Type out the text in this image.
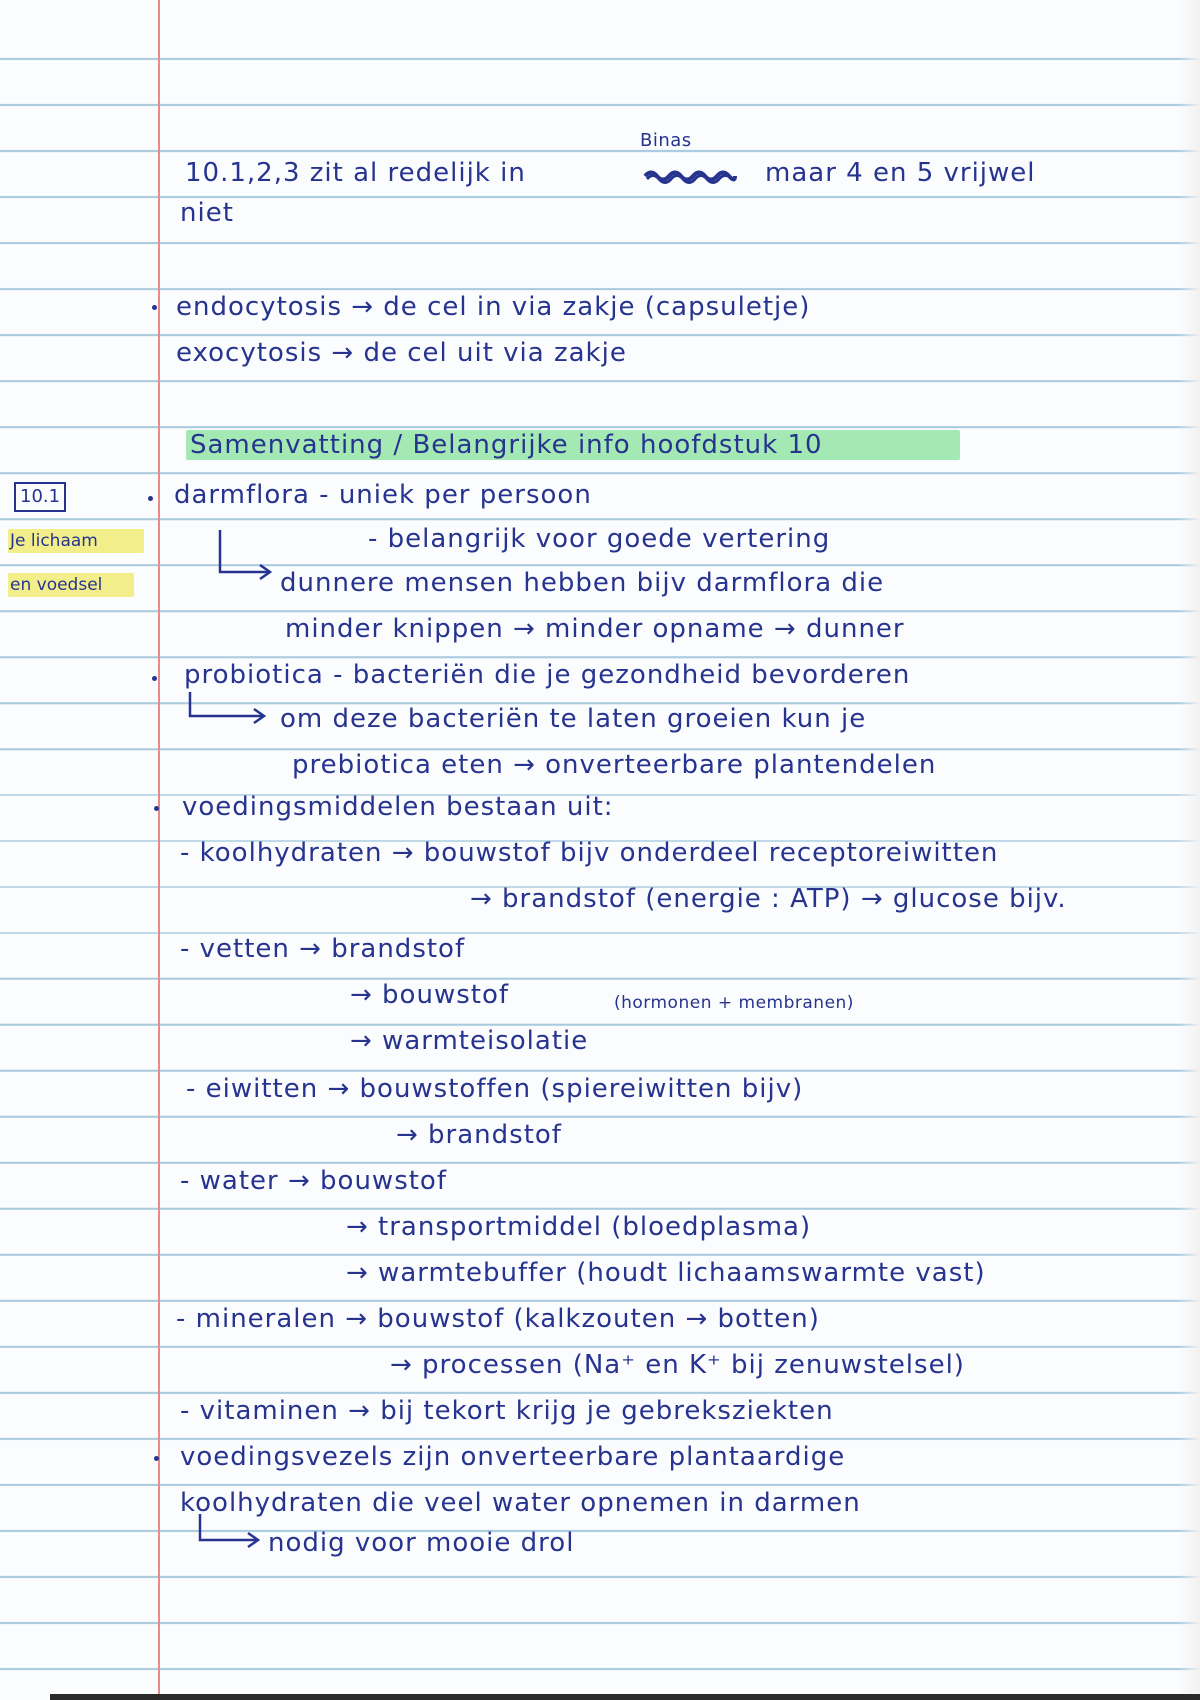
Binas
10.1,2,3 zit al redelijk in	maar 4 en 5 vrijwel
niet
endocytosis → de cel in via zakje (capsuletje)
exocytosis → de cel uit via zakje
Samenvatting / Belangrijke info hoofdstuk 10
10.1
Je lichaam
en voedsel
darmflora - uniek per persoon
- belangrijk voor goede vertering
dunnere mensen hebben bijv darmflora die
minder knippen → minder opname → dunner
probiotica - bacteriën die je gezondheid bevorderen
om deze bacteriën te laten groeien kun je
prebiotica eten → onverteerbare plantendelen
voedingsmiddelen bestaan uit:
- koolhydraten → bouwstof bijv onderdeel receptoreiwitten
→ brandstof (energie : ATP) → glucose bijv.
- vetten → brandstof
→ bouwstof	(hormonen + membranen)
→ warmteisolatie
- eiwitten → bouwstoffen (spiereiwitten bijv)
→ brandstof
- water → bouwstof
→ transportmiddel (bloedplasma)
→ warmtebuffer (houdt lichaamswarmte vast)
- mineralen → bouwstof (kalkzouten → botten)
→ processen (Na⁺ en K⁺ bij zenuwstelsel)
- vitaminen → bij tekort krijg je gebreksziekten
voedingsvezels zijn onverteerbare plantaardige
koolhydraten die veel water opnemen in darmen
nodig voor mooie drol
